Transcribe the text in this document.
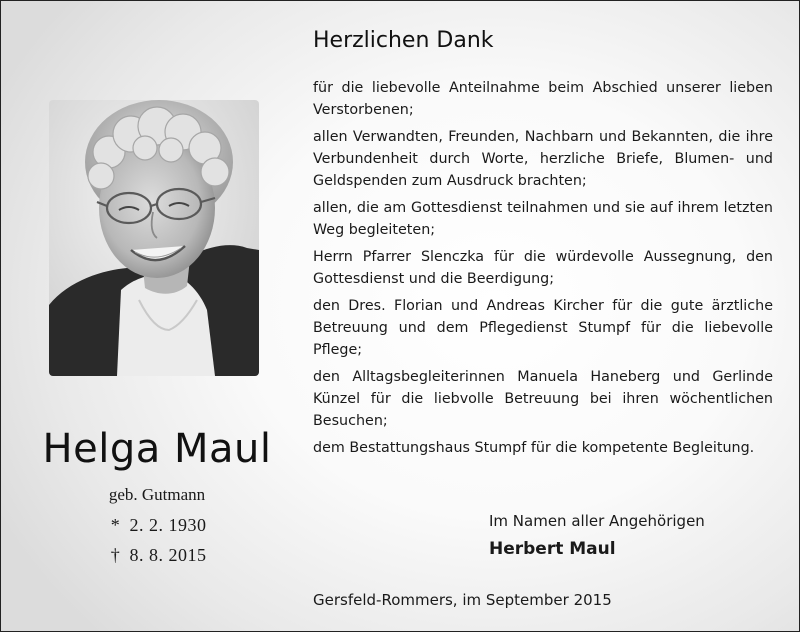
Helga Maul
geb. Gutmann
* 2. 2. 1930
† 8. 8. 2015
Herzlichen Dank

für die liebevolle Anteilnahme beim Abschied unserer lieben Verstorbenen;

allen Verwandten, Freunden, Nachbarn und Bekannten, die ihre Verbundenheit durch Worte, herzliche Briefe, Blumen- und Geldspenden zum Ausdruck brachten;

allen, die am Gottesdienst teilnahmen und sie auf ihrem letzten Weg begleiteten;

Herrn Pfarrer Slenczka für die würdevolle Aussegnung, den Gottesdienst und die Beerdigung;

den Dres. Florian und Andreas Kircher für die gute ärztliche Betreuung und dem Pflegedienst Stumpf für die liebevolle Pflege;

den Alltagsbegleiterinnen Manuela Haneberg und Gerlinde Künzel für die liebvolle Betreuung bei ihren wöchentlichen Besuchen;

dem Bestattungshaus Stumpf für die kompetente Begleitung.

Im Namen aller Angehörigen
Herbert Maul
Gersfeld-Rommers, im September 2015
